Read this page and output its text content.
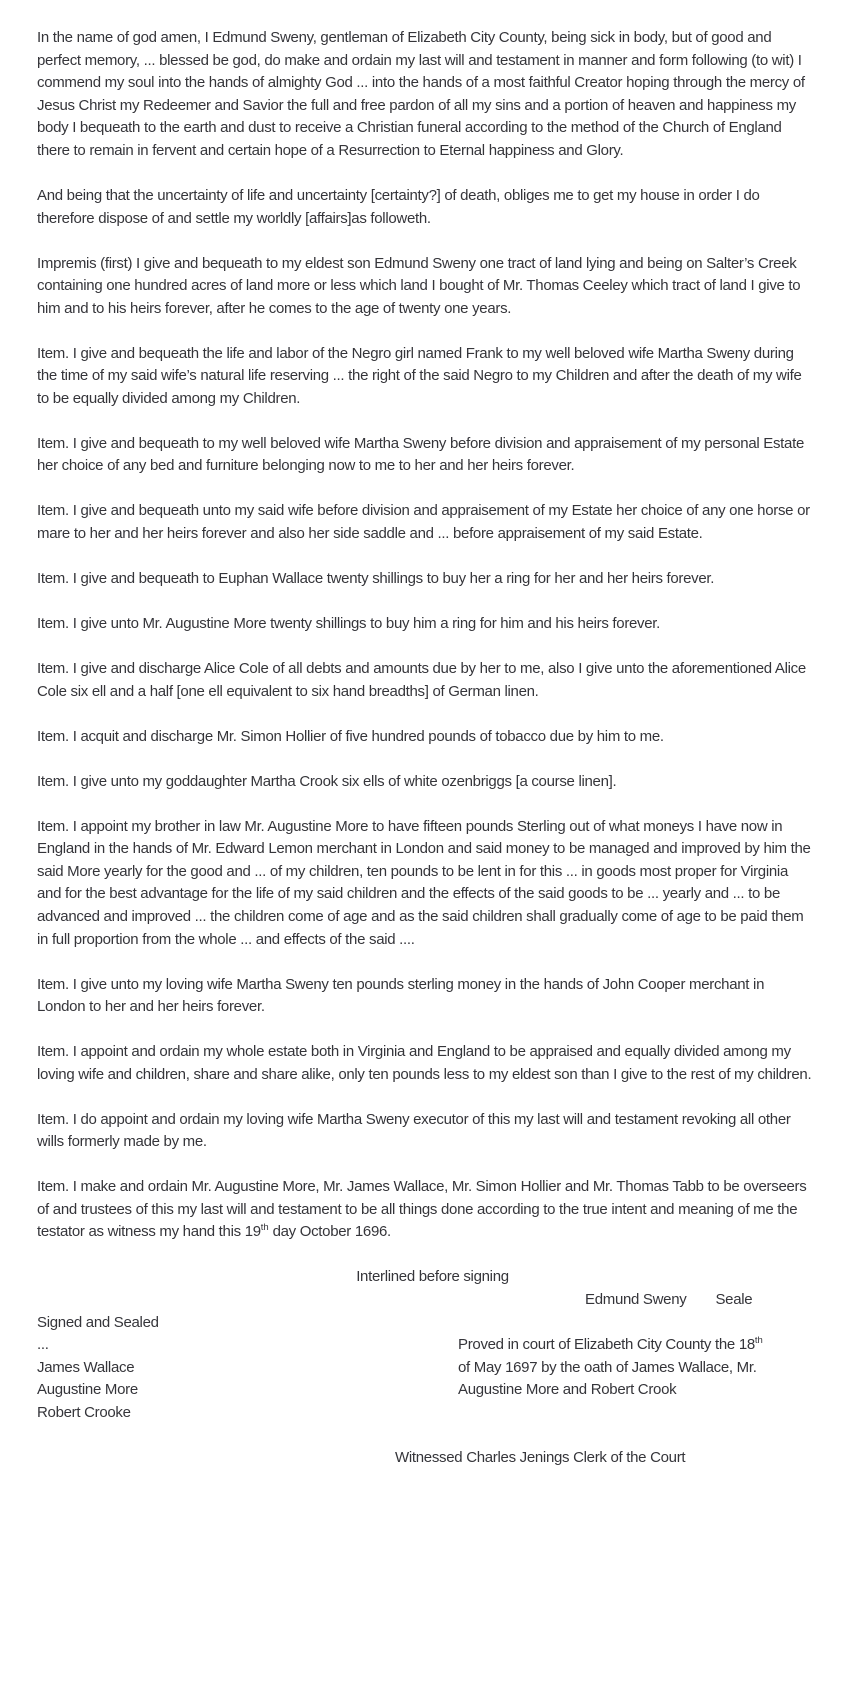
In the name of god amen, I Edmund Sweny, gentleman of Elizabeth City County, being sick in body, but of good and perfect memory, ... blessed be god, do make and ordain my last will and testament in manner and form following (to wit) I commend my soul into the hands of almighty God ... into the hands of a most faithful Creator hoping through the mercy of Jesus Christ my Redeemer and Savior the full and free pardon of all my sins and a portion of heaven and happiness my body I bequeath to the earth and dust to receive a Christian funeral according to the method of the Church of England there to remain in fervent and certain hope of a Resurrection to Eternal happiness and Glory.

And being that the uncertainty of life and uncertainty [certainty?] of death, obliges me to get my house in order I do therefore dispose of and settle my worldly [affairs]as followeth.

Impremis (first) I give and bequeath to my eldest son Edmund Sweny one tract of land lying and being on Salter’s Creek containing one hundred acres of land more or less which land I bought of Mr. Thomas Ceeley which tract of land I give to him and to his heirs forever, after he comes to the age of twenty one years.

Item. I give and bequeath the life and labor of the Negro girl named Frank to my well beloved wife Martha Sweny during the time of my said wife’s natural life reserving ... the right of the said Negro to my Children and after the death of my wife to be equally divided among my Children.

Item. I give and bequeath to my well beloved wife Martha Sweny before division and appraisement of my personal Estate her choice of any bed and furniture belonging now to me to her and her heirs forever.

Item. I give and bequeath unto my said wife before division and appraisement of my Estate her choice of any one horse or mare to her and her heirs forever and also her side saddle and ... before appraisement of my said Estate.

Item. I give and bequeath to Euphan Wallace twenty shillings to buy her a ring for her and her heirs forever.

Item. I give unto Mr. Augustine More twenty shillings to buy him a ring for him and his heirs forever.

Item. I give and discharge Alice Cole of all debts and amounts due by her to me, also I give unto the aforementioned Alice Cole six ell and a half [one ell equivalent to six hand breadths] of German linen.

Item. I acquit and discharge Mr. Simon Hollier of five hundred pounds of tobacco due by him to me.

Item. I give unto my goddaughter Martha Crook six ells of white ozenbriggs [a course linen].

Item. I appoint my brother in law Mr. Augustine More to have fifteen pounds Sterling out of what moneys I have now in England in the hands of Mr. Edward Lemon merchant in London and said money to be managed and improved by him the said More yearly for the good and ... of my children, ten pounds to be lent in for this ... in goods most proper for Virginia and for the best advantage for the life of my said children and the effects of the said goods to be ... yearly and ... to be advanced and improved ... the children come of age and as the said children shall gradually come of age to be paid them in full proportion from the whole ... and effects of the said ....

Item. I give unto my loving wife Martha Sweny ten pounds sterling money in the hands of John Cooper merchant in London to her and her heirs forever.

Item. I appoint and ordain my whole estate both in Virginia and England to be appraised and equally divided among my loving wife and children, share and share alike, only ten pounds less to my eldest son than I give to the rest of my children.

Item. I do appoint and ordain my loving wife Martha Sweny executor of this my last will and testament revoking all other wills formerly made by me.

Item. I make and ordain Mr. Augustine More, Mr. James Wallace, Mr. Simon Hollier and Mr. Thomas Tabb to be overseers of and trustees of this my last will and testament to be all things done according to the true intent and meaning of me the testator as witness my hand this 19th day October 1696.

Interlined before signing
Edmund Sweny Seale
Signed and Sealed
...
James Wallace
Augustine More
Robert Crooke
Proved in court of Elizabeth City County the 18th
of May 1697 by the oath of James Wallace, Mr.
Augustine More and Robert Crook
Witnessed Charles Jenings Clerk of the Court
